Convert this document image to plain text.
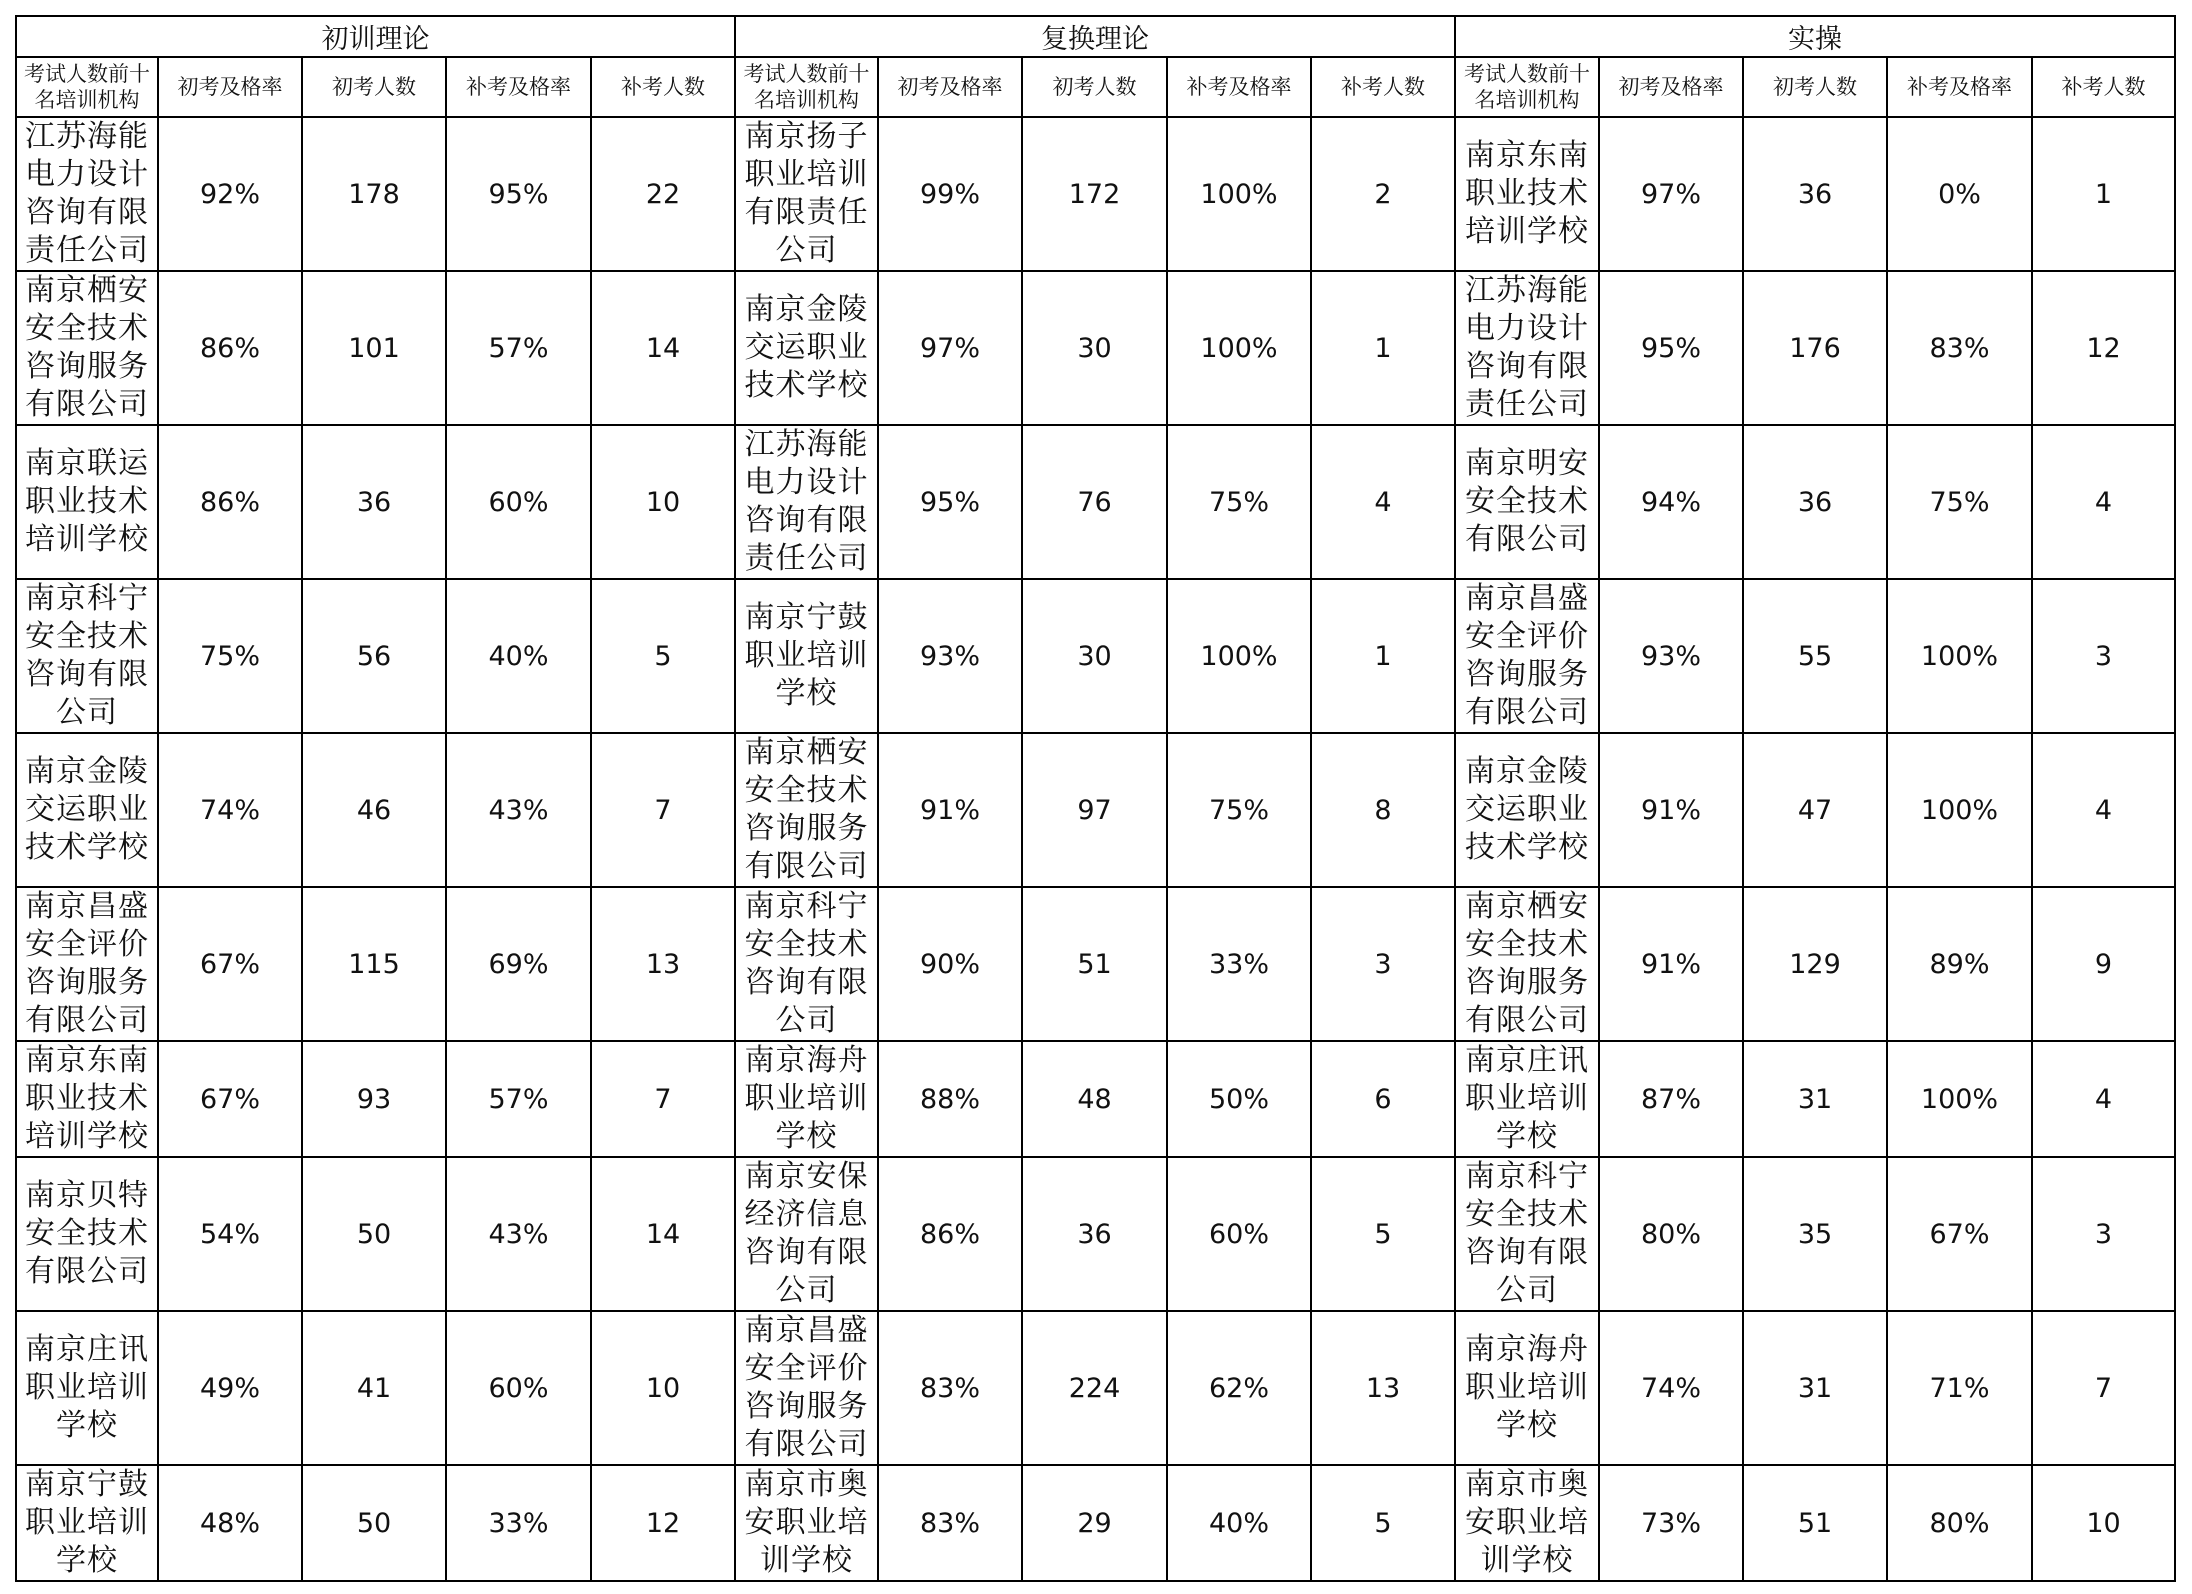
初训理论					复换理论					实操				
考试人数前十名培训机构	初考及格率	初考人数	补考及格率	补考人数	考试人数前十名培训机构	初考及格率	初考人数	补考及格率	补考人数	考试人数前十名培训机构	初考及格率	初考人数	补考及格率	补考人数
江苏海能电力设计咨询有限责任公司	92%	178	95%	22	南京扬子职业培训有限责任公司	99%	172	100%	2	南京东南职业技术培训学校	97%	36	0%	1
南京栖安安全技术咨询服务有限公司	86%	101	57%	14	南京金陵交运职业技术学校	97%	30	100%	1	江苏海能电力设计咨询有限责任公司	95%	176	83%	12
南京联运职业技术培训学校	86%	36	60%	10	江苏海能电力设计咨询有限责任公司	95%	76	75%	4	南京明安安全技术有限公司	94%	36	75%	4
南京科宁安全技术咨询有限公司	75%	56	40%	5	南京宁鼓职业培训学校	93%	30	100%	1	南京昌盛安全评价咨询服务有限公司	93%	55	100%	3
南京金陵交运职业技术学校	74%	46	43%	7	南京栖安安全技术咨询服务有限公司	91%	97	75%	8	南京金陵交运职业技术学校	91%	47	100%	4
南京昌盛安全评价咨询服务有限公司	67%	115	69%	13	南京科宁安全技术咨询有限公司	90%	51	33%	3	南京栖安安全技术咨询服务有限公司	91%	129	89%	9
南京东南职业技术培训学校	67%	93	57%	7	南京海舟职业培训学校	88%	48	50%	6	南京庄讯职业培训学校	87%	31	100%	4
南京贝特安全技术有限公司	54%	50	43%	14	南京安保经济信息咨询有限公司	86%	36	60%	5	南京科宁安全技术咨询有限公司	80%	35	67%	3
南京庄讯职业培训学校	49%	41	60%	10	南京昌盛安全评价咨询服务有限公司	83%	224	62%	13	南京海舟职业培训学校	74%	31	71%	7
南京宁鼓职业培训学校	48%	50	33%	12	南京市奥安职业培训学校	83%	29	40%	5	南京市奥安职业培训学校	73%	51	80%	10
